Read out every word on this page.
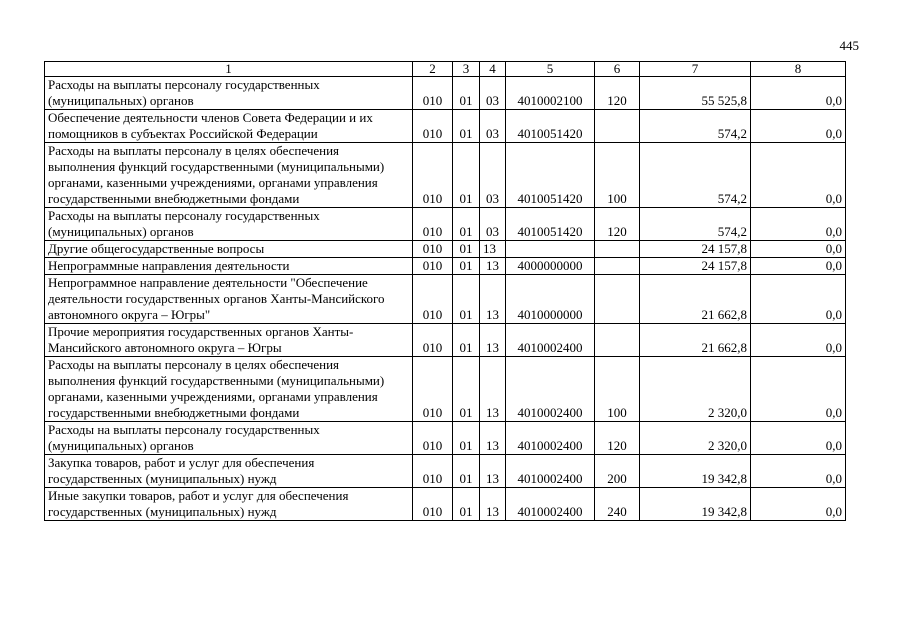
445
1	2	3	4	5	6	7	8
Расходы на выплаты персоналу государственных (муниципальных) органов	010	01	03	4010002100	120	55 525,8	0,0
Обеспечение деятельности членов Совета Федерации и их помощников в субъектах Российской Федерации	010	01	03	4010051420		574,2	0,0
Расходы на выплаты персоналу в целях обеспечения выполнения функций государственными (муниципальными) органами, казенными учреждениями, органами управления государственными внебюджетными фондами	010	01	03	4010051420	100	574,2	0,0
Расходы на выплаты персоналу государственных (муниципальных) органов	010	01	03	4010051420	120	574,2	0,0
Другие общегосударственные вопросы	010	01	13			24 157,8	0,0
Непрограммные направления деятельности	010	01	13	4000000000		24 157,8	0,0
Непрограммное направление деятельности "Обеспечение деятельности государственных органов Ханты-Мансийского автономного округа – Югры"	010	01	13	4010000000		21 662,8	0,0
Прочие мероприятия государственных органов Ханты-Мансийского автономного округа – Югры	010	01	13	4010002400		21 662,8	0,0
Расходы на выплаты персоналу в целях обеспечения выполнения функций государственными (муниципальными) органами, казенными учреждениями, органами управления государственными внебюджетными фондами	010	01	13	4010002400	100	2 320,0	0,0
Расходы на выплаты персоналу государственных (муниципальных) органов	010	01	13	4010002400	120	2 320,0	0,0
Закупка товаров, работ и услуг для обеспечения государственных (муниципальных) нужд	010	01	13	4010002400	200	19 342,8	0,0
Иные закупки товаров, работ и услуг для обеспечения государственных (муниципальных) нужд	010	01	13	4010002400	240	19 342,8	0,0
